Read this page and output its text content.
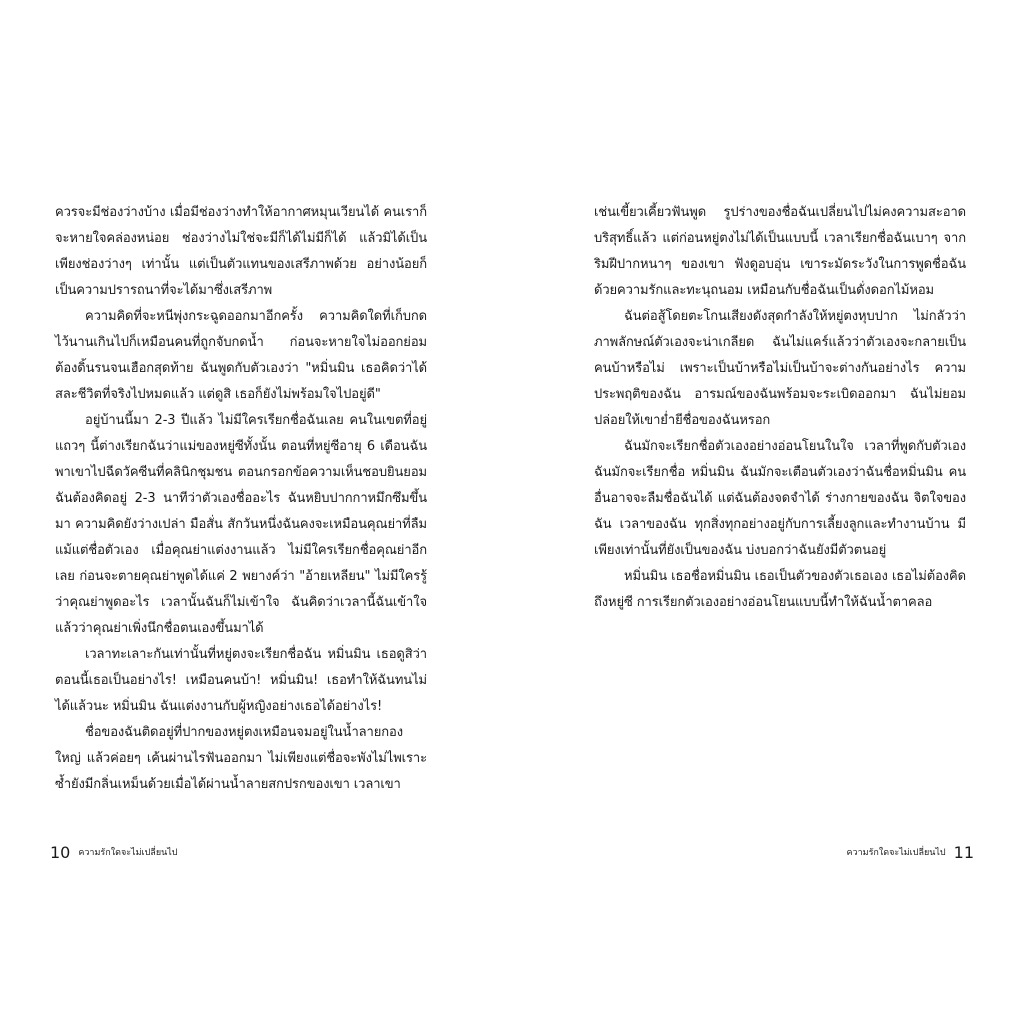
ควรจะมีช่องว่างบ้าง เมื่อมีช่องว่างทำให้อากาศหมุนเวียนได้ คนเราก็จะหายใจคล่องหน่อย ช่องว่างไม่ใช่จะมีก็ได้ไม่มีก็ได้ แล้วมิได้เป็นเพียงช่องว่างๆ เท่านั้น แต่เป็นตัวแทนของเสรีภาพด้วย อย่างน้อยก็เป็นความปรารถนาที่จะได้มาซึ่งเสรีภาพ

ความคิดที่จะหนีพุ่งกระฉูดออกมาอีกครั้ง ความคิดใดที่เก็บกดไว้นานเกินไปก็เหมือนคนที่ถูกจับกดน้ำ ก่อนจะหายใจไม่ออกย่อมต้องดิ้นรนจนเฮือกสุดท้าย ฉันพูดกับตัวเองว่า "หมิ่นมิน เธอคิดว่าได้สละชีวิตที่จริงไปหมดแล้ว แต่ดูสิ เธอก็ยังไม่พร้อมใจไปอยู่ดี"

อยู่บ้านนี้มา 2-3 ปีแล้ว ไม่มีใครเรียกชื่อฉันเลย คนในเขตที่อยู่แถวๆ นี้ต่างเรียกฉันว่าแม่ของหยู่ซีทั้งนั้น ตอนที่หยู่ซีอายุ 6 เดือนฉันพาเขาไปฉีดวัคซีนที่คลินิกชุมชน ตอนกรอกข้อความเห็นชอบยินยอม ฉันต้องคิดอยู่ 2-3 นาทีว่าตัวเองชื่ออะไร ฉันหยิบปากกาหมึกซึมขึ้นมา ความคิดยังว่างเปล่า มือสั่น สักวันหนึ่งฉันคงจะเหมือนคุณย่าที่ลืมแม้แต่ชื่อตัวเอง เมื่อคุณย่าแต่งงานแล้ว ไม่มีใครเรียกชื่อคุณย่าอีกเลย ก่อนจะตายคุณย่าพูดได้แค่ 2 พยางค์ว่า "อ้ายเหลียน" ไม่มีใครรู้ว่าคุณย่าพูดอะไร เวลานั้นฉันก็ไม่เข้าใจ ฉันคิดว่าเวลานี้ฉันเข้าใจแล้วว่าคุณย่าเพิ่งนึกชื่อตนเองขึ้นมาได้

เวลาทะเลาะกันเท่านั้นที่หยู่ตงจะเรียกชื่อฉัน หมิ่นมิน เธอดูสิว่าตอนนี้เธอเป็นอย่างไร! เหมือนคนบ้า! หมิ่นมิน! เธอทำให้ฉันทนไม่ได้แล้วนะ หมิ่นมิน ฉันแต่งงานกับผู้หญิงอย่างเธอได้อย่างไร!

ชื่อของฉันติดอยู่ที่ปากของหยู่ตงเหมือนจมอยู่ในน้ำลายกองใหญ่ แล้วค่อยๆ เค้นผ่านไรฟันออกมา ไม่เพียงแต่ชื่อจะพังไม่ไพเราะ ซ้ำยังมีกลิ่นเหม็นด้วยเมื่อได้ผ่านน้ำลายสกปรกของเขา เวลาเขา

เช่นเขี้ยวเคี้ยวฟันพูด รูปร่างของชื่อฉันเปลี่ยนไปไม่คงความสะอาดบริสุทธิ์แล้ว แต่ก่อนหยู่ตงไม่ได้เป็นแบบนี้ เวลาเรียกชื่อฉันเบาๆ จากริมฝีปากหนาๆ ของเขา ฟังดูอบอุ่น เขาระมัดระวังในการพูดชื่อฉันด้วยความรักและทะนุถนอม เหมือนกับชื่อฉันเป็นดั่งดอกไม้หอม

ฉันต่อสู้โดยตะโกนเสียงดังสุดกำลังให้หยู่ตงหุบปาก ไม่กลัวว่าภาพลักษณ์ตัวเองจะน่าเกลียด ฉันไม่แคร์แล้วว่าตัวเองจะกลายเป็นคนบ้าหรือไม่ เพราะเป็นบ้าหรือไม่เป็นบ้าจะต่างกันอย่างไร ความประพฤติของฉัน อารมณ์ของฉันพร้อมจะระเบิดออกมา ฉันไม่ยอมปล่อยให้เขาย่ำยีชื่อของฉันหรอก

ฉันมักจะเรียกชื่อตัวเองอย่างอ่อนโยนในใจ เวลาที่พูดกับตัวเองฉันมักจะเรียกชื่อ หมิ่นมิน ฉันมักจะเตือนตัวเองว่าฉันชื่อหมิ่นมิน คนอื่นอาจจะลืมชื่อฉันได้ แต่ฉันต้องจดจำได้ ร่างกายของฉัน จิตใจของฉัน เวลาของฉัน ทุกสิ่งทุกอย่างอยู่กับการเลี้ยงลูกและทำงานบ้าน มีเพียงเท่านั้นที่ยังเป็นของฉัน บ่งบอกว่าฉันยังมีตัวตนอยู่

หมิ่นมิน เธอชื่อหมิ่นมิน เธอเป็นตัวของตัวเธอเอง เธอไม่ต้องคิดถึงหยู่ซี การเรียกตัวเองอย่างอ่อนโยนแบบนี้ทำให้ฉันน้ำตาคลอ

10 ความรักใดจะไม่เปลี่ยนไป	ความรักใดจะไม่เปลี่ยนไป 11
